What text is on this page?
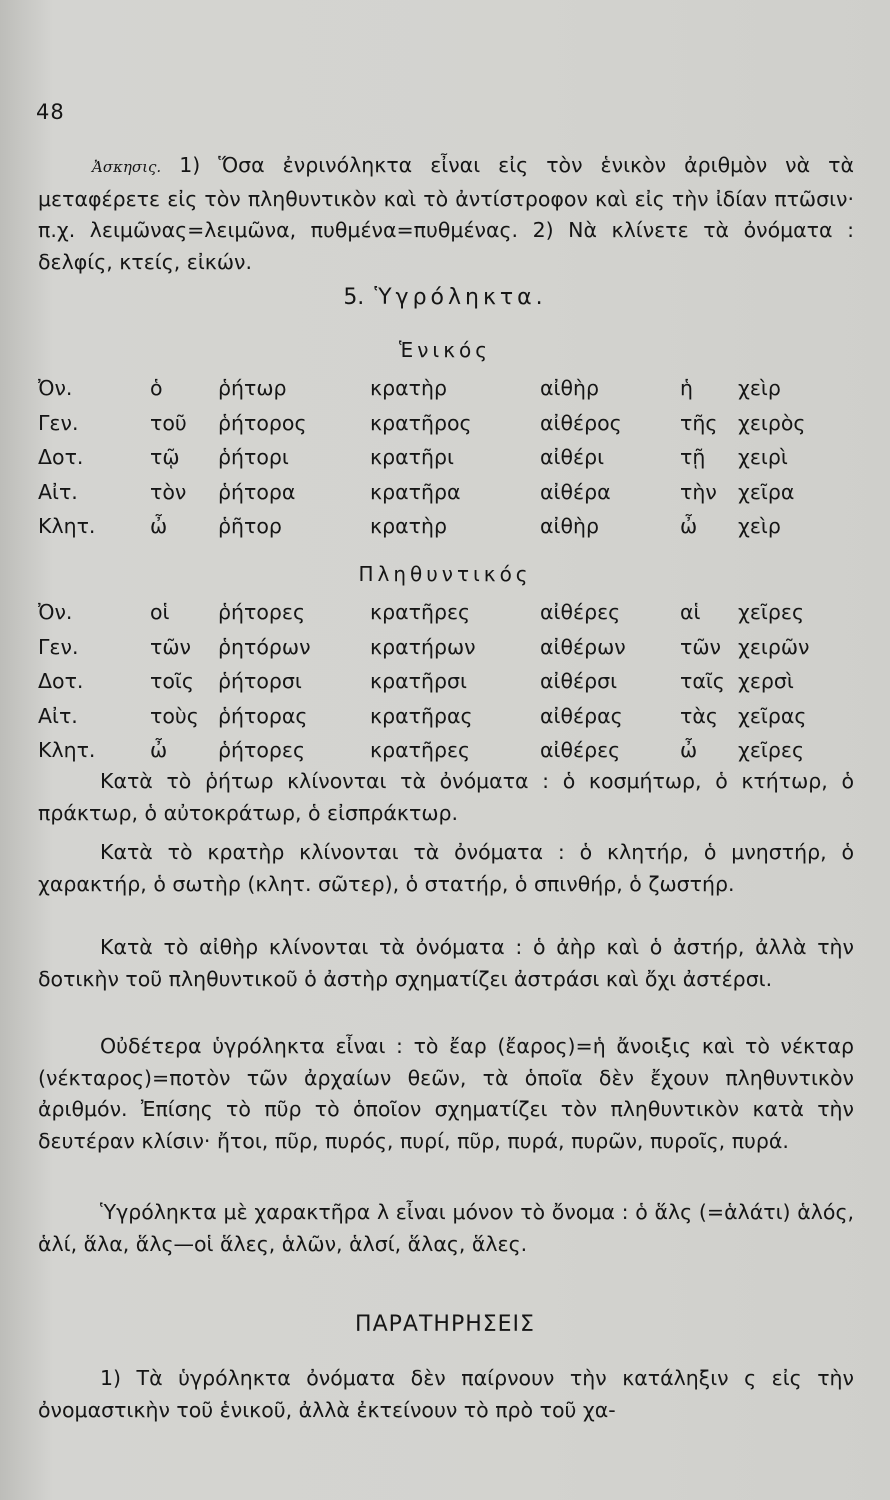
48
Ἀσκησις. 1) Ὅσα ἐνρινόληκτα εἶναι εἰς τὸν ἑνικὸν ἀριθμὸν νὰ τὰ μεταφέρετε εἰς τὸν πληθυντικὸν καὶ τὸ ἀντίστροφον καὶ εἰς τὴν ἰδίαν πτῶσιν· π.χ. λειμῶνας=λειμῶνα, πυθμένα=πυθμένας. 2) Νὰ κλίνετε τὰ ὀνόματα : δελφίς, κτείς, εἰκών.
5. Ὑγρόληκτα.
Ἑνικός
Ὀν.	ὁ	ῥήτωρ	κρατὴρ	αἰθὴρ	ἡ χεὶρ
Γεν.	τοῦ ῥήτορος	κρατῆρος	αἰθέρος	τῆς χειρὸς
Δοτ.	τῷ ῥήτορι	κρατῆρι	αἰθέρι	τῇ χειρὶ
Αἰτ.	τὸν ῥήτορα	κρατῆρα	αἰθέρα	τὴν χεῖρα
Κλητ.	ὦ ῥῆτορ	κρατὴρ	αἰθὴρ	ὦ χεὶρ
Πληθυντικός
Ὀν.	οἱ ῥήτορες	κρατῆρες	αἰθέρες	αἱ χεῖρες
Γεν.	τῶν ῥητόρων	κρατήρων	αἰθέρων	τῶν χειρῶν
Δοτ.	τοῖς ῥήτορσι	κρατῆρσι	αἰθέρσι	ταῖς χερσὶ
Αἰτ.	τοὺς ῥήτορας	κρατῆρας	αἰθέρας	τὰς χεῖρας
Κλητ.	ὦ ῥήτορες	κρατῆρες	αἰθέρες	ὦ χεῖρες
Κατὰ τὸ ῥήτωρ κλίνονται τὰ ὀνόματα : ὁ κοσμήτωρ, ὁ κτήτωρ, ὁ πράκτωρ, ὁ αὐτοκράτωρ, ὁ εἰσπράκτωρ.
Κατὰ τὸ κρατὴρ κλίνονται τὰ ὀνόματα : ὁ κλητήρ, ὁ μνηστήρ, ὁ χαρακτήρ, ὁ σωτὴρ (κλητ. σῶτερ), ὁ στατήρ, ὁ σπινθήρ, ὁ ζωστήρ.
Κατὰ τὸ αἰθὴρ κλίνονται τὰ ὀνόματα : ὁ ἀὴρ καὶ ὁ ἀστήρ, ἀλλὰ τὴν δοτικὴν τοῦ πληθυντικοῦ ὁ ἀστὴρ σχηματίζει ἀστράσι καὶ ὄχι ἀστέρσι.
Οὐδέτερα ὑγρόληκτα εἶναι : τὸ ἔαρ (ἔαρος)=ἡ ἄνοιξις καὶ τὸ νέκταρ (νέκταρος)=ποτὸν τῶν ἀρχαίων θεῶν, τὰ ὁποῖα δὲν ἔχουν πληθυντικὸν ἀριθμόν. Ἐπίσης τὸ πῦρ τὸ ὁποῖον σχηματίζει τὸν πληθυντικὸν κατὰ τὴν δευτέραν κλίσιν· ἤτοι, πῦρ, πυρός, πυρί, πῦρ, πυρά, πυρῶν, πυροῖς, πυρά.
Ὑγρόληκτα μὲ χαρακτῆρα λ εἶναι μόνον τὸ ὄνομα : ὁ ἅλς (=ἁλάτι) ἁλός, ἁλί, ἅλα, ἅλς—οἱ ἅλες, ἁλῶν, ἁλσί, ἅλας, ἅλες.
ΠΑΡΑΤΗΡΗΣΕΙΣ
1) Τὰ ὑγρόληκτα ὀνόματα δὲν παίρνουν τὴν κατάληξιν ς εἰς τὴν ὀνομαστικὴν τοῦ ἑνικοῦ, ἀλλὰ ἐκτείνουν τὸ πρὸ τοῦ χα-
